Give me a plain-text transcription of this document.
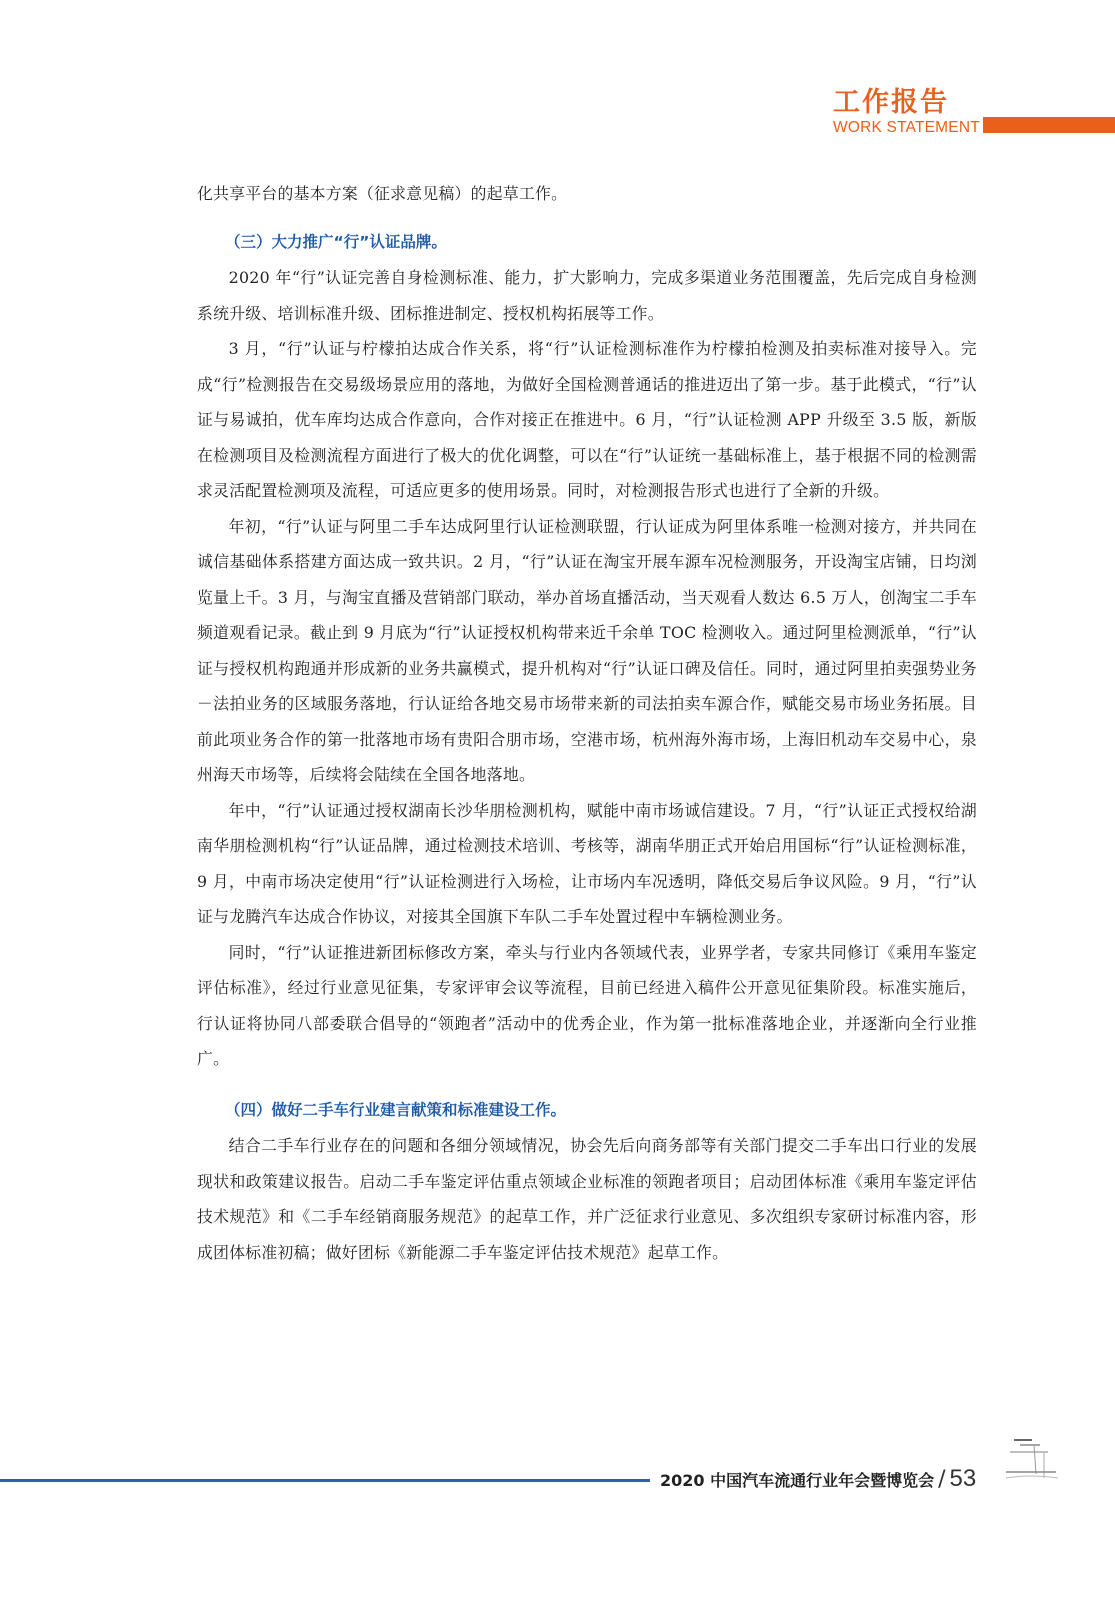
工作报告
WORK STATEMENT

化共享平台的基本方案（征求意见稿）的起草工作。

（三）大力推广“行”认证品牌。

2020 年“行”认证完善自身检测标准、能力，扩大影响力，完成多渠道业务范围覆盖，先后完成自身检测系统升级、培训标准升级、团标推进制定、授权机构拓展等工作。

3 月，“行”认证与柠檬拍达成合作关系，将“行”认证检测标准作为柠檬拍检测及拍卖标准对接导入。完成“行”检测报告在交易级场景应用的落地，为做好全国检测普通话的推进迈出了第一步。基于此模式，“行”认证与易诚拍，优车库均达成合作意向，合作对接正在推进中。6 月，“行”认证检测 APP 升级至 3.5 版，新版在检测项目及检测流程方面进行了极大的优化调整，可以在“行”认证统一基础标准上，基于根据不同的检测需求灵活配置检测项及流程，可适应更多的使用场景。同时，对检测报告形式也进行了全新的升级。

年初，“行”认证与阿里二手车达成阿里行认证检测联盟，行认证成为阿里体系唯一检测对接方，并共同在诚信基础体系搭建方面达成一致共识。2 月，“行”认证在淘宝开展车源车况检测服务，开设淘宝店铺，日均浏览量上千。3 月，与淘宝直播及营销部门联动，举办首场直播活动，当天观看人数达 6.5 万人，创淘宝二手车频道观看记录。截止到 9 月底为“行”认证授权机构带来近千余单 TOC 检测收入。通过阿里检测派单，“行”认证与授权机构跑通并形成新的业务共赢模式，提升机构对“行”认证口碑及信任。同时，通过阿里拍卖强势业务－法拍业务的区域服务落地，行认证给各地交易市场带来新的司法拍卖车源合作，赋能交易市场业务拓展。目前此项业务合作的第一批落地市场有贵阳合朋市场，空港市场，杭州海外海市场，上海旧机动车交易中心，泉州海天市场等，后续将会陆续在全国各地落地。

年中，“行”认证通过授权湖南长沙华朋检测机构，赋能中南市场诚信建设。7 月，“行”认证正式授权给湖南华朋检测机构“行”认证品牌，通过检测技术培训、考核等，湖南华朋正式开始启用国标“行”认证检测标准，9 月，中南市场决定使用“行”认证检测进行入场检，让市场内车况透明，降低交易后争议风险。9 月，“行”认证与龙腾汽车达成合作协议，对接其全国旗下车队二手车处置过程中车辆检测业务。

同时，“行”认证推进新团标修改方案，牵头与行业内各领域代表，业界学者，专家共同修订《乘用车鉴定评估标准》，经过行业意见征集，专家评审会议等流程，目前已经进入稿件公开意见征集阶段。标准实施后，行认证将协同八部委联合倡导的“领跑者”活动中的优秀企业，作为第一批标准落地企业，并逐渐向全行业推广。

（四）做好二手车行业建言献策和标准建设工作。

结合二手车行业存在的问题和各细分领域情况，协会先后向商务部等有关部门提交二手车出口行业的发展现状和政策建议报告。启动二手车鉴定评估重点领域企业标准的领跑者项目；启动团体标准《乘用车鉴定评估技术规范》和《二手车经销商服务规范》的起草工作，并广泛征求行业意见、多次组织专家研讨标准内容，形成团体标准初稿；做好团标《新能源二手车鉴定评估技术规范》起草工作。

2020 中国汽车流通行业年会暨博览会 / 53
